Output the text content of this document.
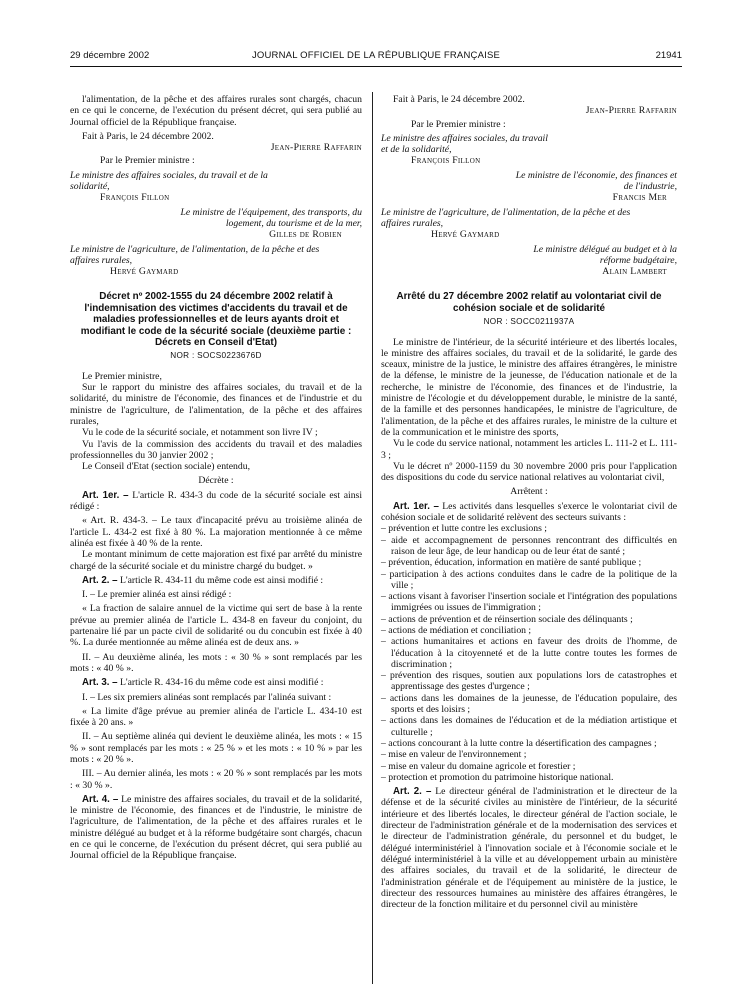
29 décembre 2002	JOURNAL OFFICIEL DE LA RÉPUBLIQUE FRANÇAISE	21941

l'alimentation, de la pêche et des affaires rurales sont chargés, chacun en ce qui le concerne, de l'exécution du présent décret, qui sera publié au Journal officiel de la République française.

Fait à Paris, le 24 décembre 2002.

Jean-Pierre Raffarin

Par le Premier ministre :

Le ministre des affaires sociales, du travail et de la solidarité,

François Fillon

Le ministre de l'équipement, des transports, du logement, du tourisme et de la mer,

Gilles de Robien

Le ministre de l'agriculture, de l'alimentation, de la pêche et des affaires rurales,

Hervé Gaymard

Décret nº 2002-1555 du 24 décembre 2002 relatif à l'indemnisation des victimes d'accidents du travail et de maladies professionnelles et de leurs ayants droit et modifiant le code de la sécurité sociale (deuxième partie : Décrets en Conseil d'Etat)

NOR : SOCS0223676D

Le Premier ministre,

Sur le rapport du ministre des affaires sociales, du travail et de la solidarité, du ministre de l'économie, des finances et de l'industrie et du ministre de l'agriculture, de l'alimentation, de la pêche et des affaires rurales,

Vu le code de la sécurité sociale, et notamment son livre IV ;

Vu l'avis de la commission des accidents du travail et des maladies professionnelles du 30 janvier 2002 ;

Le Conseil d'Etat (section sociale) entendu,

Décrète :

Art. 1er. – L'article R. 434-3 du code de la sécurité sociale est ainsi rédigé :

« Art. R. 434-3. – Le taux d'incapacité prévu au troisième alinéa de l'article L. 434-2 est fixé à 80 %. La majoration mentionnée à ce même alinéa est fixée à 40 % de la rente.

Le montant minimum de cette majoration est fixé par arrêté du ministre chargé de la sécurité sociale et du ministre chargé du budget. »

Art. 2. – L'article R. 434-11 du même code est ainsi modifié :

I. – Le premier alinéa est ainsi rédigé :

« La fraction de salaire annuel de la victime qui sert de base à la rente prévue au premier alinéa de l'article L. 434-8 en faveur du conjoint, du partenaire lié par un pacte civil de solidarité ou du concubin est fixée à 40 %. La durée mentionnée au même alinéa est de deux ans. »

II. – Au deuxième alinéa, les mots : « 30 % » sont remplacés par les mots : « 40 % ».

Art. 3. – L'article R. 434-16 du même code est ainsi modifié :

I. – Les six premiers alinéas sont remplacés par l'alinéa suivant :

« La limite d'âge prévue au premier alinéa de l'article L. 434-10 est fixée à 20 ans. »

II. – Au septième alinéa qui devient le deuxième alinéa, les mots : « 15 % » sont remplacés par les mots : « 25 % » et les mots : « 10 % » par les mots : « 20 % ».

III. – Au dernier alinéa, les mots : « 20 % » sont remplacés par les mots : « 30 % ».

Art. 4. – Le ministre des affaires sociales, du travail et de la solidarité, le ministre de l'économie, des finances et de l'industrie, le ministre de l'agriculture, de l'alimentation, de la pêche et des affaires rurales et le ministre délégué au budget et à la réforme budgétaire sont chargés, chacun en ce qui le concerne, de l'exécution du présent décret, qui sera publié au Journal officiel de la République française.

Fait à Paris, le 24 décembre 2002.

Jean-Pierre Raffarin

Par le Premier ministre :

Le ministre des affaires sociales, du travail et de la solidarité,

François Fillon

Le ministre de l'économie, des finances et de l'industrie,

Francis Mer

Le ministre de l'agriculture, de l'alimentation, de la pêche et des affaires rurales,

Hervé Gaymard

Le ministre délégué au budget et à la réforme budgétaire,

Alain Lambert

Arrêté du 27 décembre 2002 relatif au volontariat civil de cohésion sociale et de solidarité

NOR : SOCC0211937A

Le ministre de l'intérieur, de la sécurité intérieure et des libertés locales, le ministre des affaires sociales, du travail et de la solidarité, le garde des sceaux, ministre de la justice, le ministre des affaires étrangères, le ministre de la défense, le ministre de la jeunesse, de l'éducation nationale et de la recherche, le ministre de l'économie, des finances et de l'industrie, la ministre de l'écologie et du développement durable, le ministre de la santé, de la famille et des personnes handicapées, le ministre de l'agriculture, de l'alimentation, de la pêche et des affaires rurales, le ministre de la culture et de la communication et le ministre des sports,

Vu le code du service national, notamment les articles L. 111-2 et L. 111-3 ;

Vu le décret nº 2000-1159 du 30 novembre 2000 pris pour l'application des dispositions du code du service national relatives au volontariat civil,

Arrêtent :

Art. 1er. – Les activités dans lesquelles s'exerce le volontariat civil de cohésion sociale et de solidarité relèvent des secteurs suivants :

– prévention et lutte contre les exclusions ;
– aide et accompagnement de personnes rencontrant des difficultés en raison de leur âge, de leur handicap ou de leur état de santé ;
– prévention, éducation, information en matière de santé publique ;
– participation à des actions conduites dans le cadre de la politique de la ville ;
– actions visant à favoriser l'insertion sociale et l'intégration des populations immigrées ou issues de l'immigration ;
– actions de prévention et de réinsertion sociale des délinquants ;
– actions de médiation et conciliation ;
– actions humanitaires et actions en faveur des droits de l'homme, de l'éducation à la citoyenneté et de la lutte contre toutes les formes de discrimination ;
– prévention des risques, soutien aux populations lors de catastrophes et apprentissage des gestes d'urgence ;
– actions dans les domaines de la jeunesse, de l'éducation populaire, des sports et des loisirs ;
– actions dans les domaines de l'éducation et de la médiation artistique et culturelle ;
– actions concourant à la lutte contre la désertification des campagnes ;
– mise en valeur de l'environnement ;
– mise en valeur du domaine agricole et forestier ;
– protection et promotion du patrimoine historique national.

Art. 2. – Le directeur général de l'administration et le directeur de la défense et de la sécurité civiles au ministère de l'intérieur, de la sécurité intérieure et des libertés locales, le directeur général de l'action sociale, le directeur de l'administration générale et de la modernisation des services et le directeur de l'administration générale, du personnel et du budget, le délégué interministériel à l'innovation sociale et à l'économie sociale et le délégué interministériel à la ville et au développement urbain au ministère des affaires sociales, du travail et de la solidarité, le directeur de l'administration générale et de l'équipement au ministère de la justice, le directeur des ressources humaines au ministère des affaires étrangères, le directeur de la fonction militaire et du personnel civil au ministère
